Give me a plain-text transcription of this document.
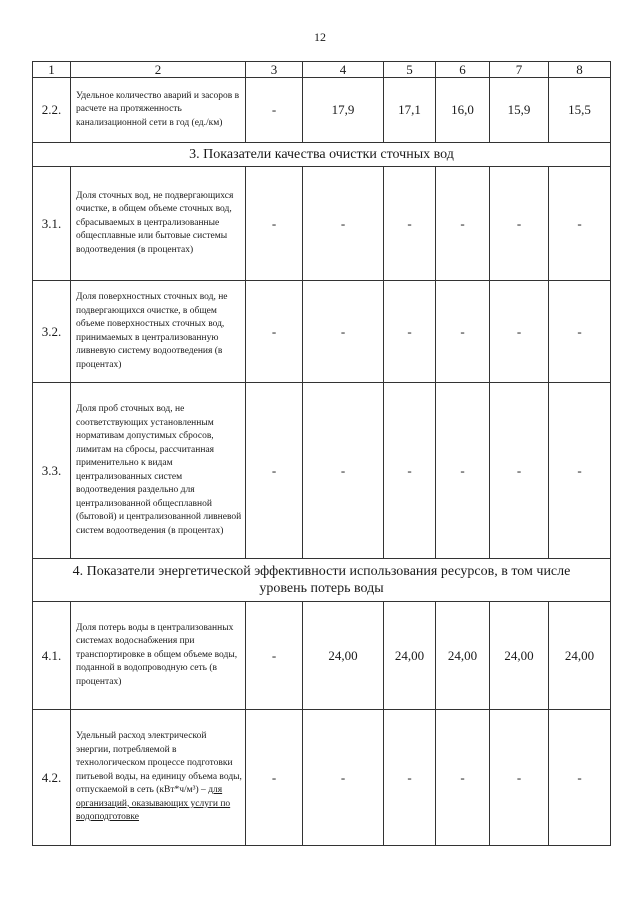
12
1	2	3	4	5	6	7	8
2.2.	Удельное количество аварий и засоров в расчете на протяженность канализационной сети в год (ед./км)	-	17,9	17,1	16,0	15,9	15,5
3. Показатели качества очистки сточных вод							
3.1.	Доля сточных вод, не подвергающихся очистке, в общем объеме сточных вод, сбрасываемых в централизованные общесплавные или бытовые системы водоотведения (в процентах)	-	-	-	-	-	-
3.2.	Доля поверхностных сточных вод, не подвергающихся очистке, в общем объеме поверхностных сточных вод, принимаемых в централизованную ливневую систему водоотведения (в процентах)	-	-	-	-	-	-
3.3.	Доля проб сточных вод, не соответствующих установленным нормативам допустимых сбросов, лимитам на сбросы, рассчитанная применительно к видам централизованных систем водоотведения раздельно для централизованной общесплавной (бытовой) и централизованной ливневой систем водоотведения (в процентах)	-	-	-	-	-	-
4. Показатели энергетической эффективности использования ресурсов, в том числе уровень потерь воды							
4.1.	Доля потерь воды в централизованных системах водоснабжения при транспортировке в общем объеме воды, поданной в водопроводную сеть (в процентах)	-	24,00	24,00	24,00	24,00	24,00
4.2.	Удельный расход электрической энергии, потребляемой в технологическом процессе подготовки питьевой воды, на единицу объема воды, отпускаемой в сеть (кВт*ч/м³) – для организаций, оказывающих услуги по водоподготовке	-	-	-	-	-	-
